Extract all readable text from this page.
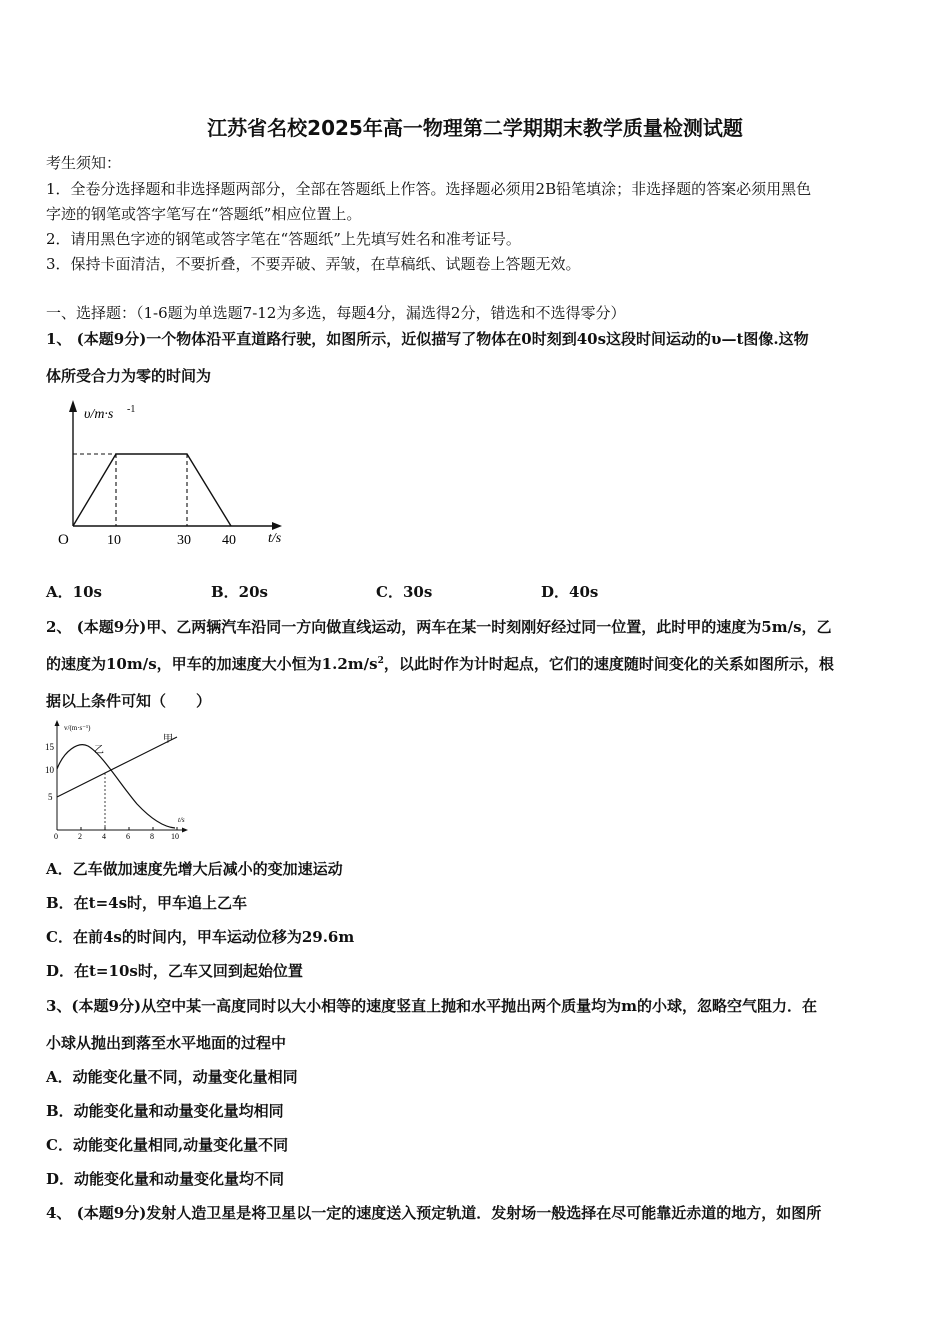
江苏省名校2025年高一物理第二学期期末教学质量检测试题
考生须知：
1．全卷分选择题和非选择题两部分，全部在答题纸上作答。选择题必须用2B铅笔填涂；非选择题的答案必须用黑色
字迹的钢笔或答字笔写在“答题纸”相应位置上。
2．请用黑色字迹的钢笔或答字笔在“答题纸”上先填写姓名和准考证号。
3．保持卡面清洁，不要折叠，不要弄破、弄皱，在草稿纸、试题卷上答题无效。
一、选择题：（1-6题为单选题7-12为多选，每题4分，漏选得2分，错选和不选得零分）
1、 (本题9分)一个物体沿平直道路行驶，如图所示，近似描写了物体在0时刻到40s这段时间运动的υ—t图像.这物
体所受合力为零的时间为
υ/m·s -1
O	10	30 40 t/s
A．10s	B．20s	C．30s	D．40s
2、 (本题9分)甲、乙两辆汽车沿同一方向做直线运动，两车在某一时刻刚好经过同一位置，此时甲的速度为5m/s，乙
的速度为10m/s，甲车的加速度大小恒为$1.2m/s^2$，以此时作为计时起点，它们的速度随时间变化的关系如图所示，根
据以上条件可知（　　）
v/(m·s⁻¹)
15
10
5
0	2	4	6	8 10
t/s
乙
甲
A．乙车做加速度先增大后减小的变加速运动
B．在t=4s时，甲车追上乙车
C．在前4s的时间内，甲车运动位移为29.6m
D．在t=10s时，乙车又回到起始位置
3、(本题9分)从空中某一高度同时以大小相等的速度竖直上抛和水平抛出两个质量均为m的小球，忽略空气阻力．在
小球从抛出到落至水平地面的过程中
A．动能变化量不同，动量变化量相同
B．动能变化量和动量变化量均相同
C．动能变化量相同,动量变化量不同
D．动能变化量和动量变化量均不同
4、 (本题9分)发射人造卫星是将卫星以一定的速度送入预定轨道．发射场一般选择在尽可能靠近赤道的地方，如图所
